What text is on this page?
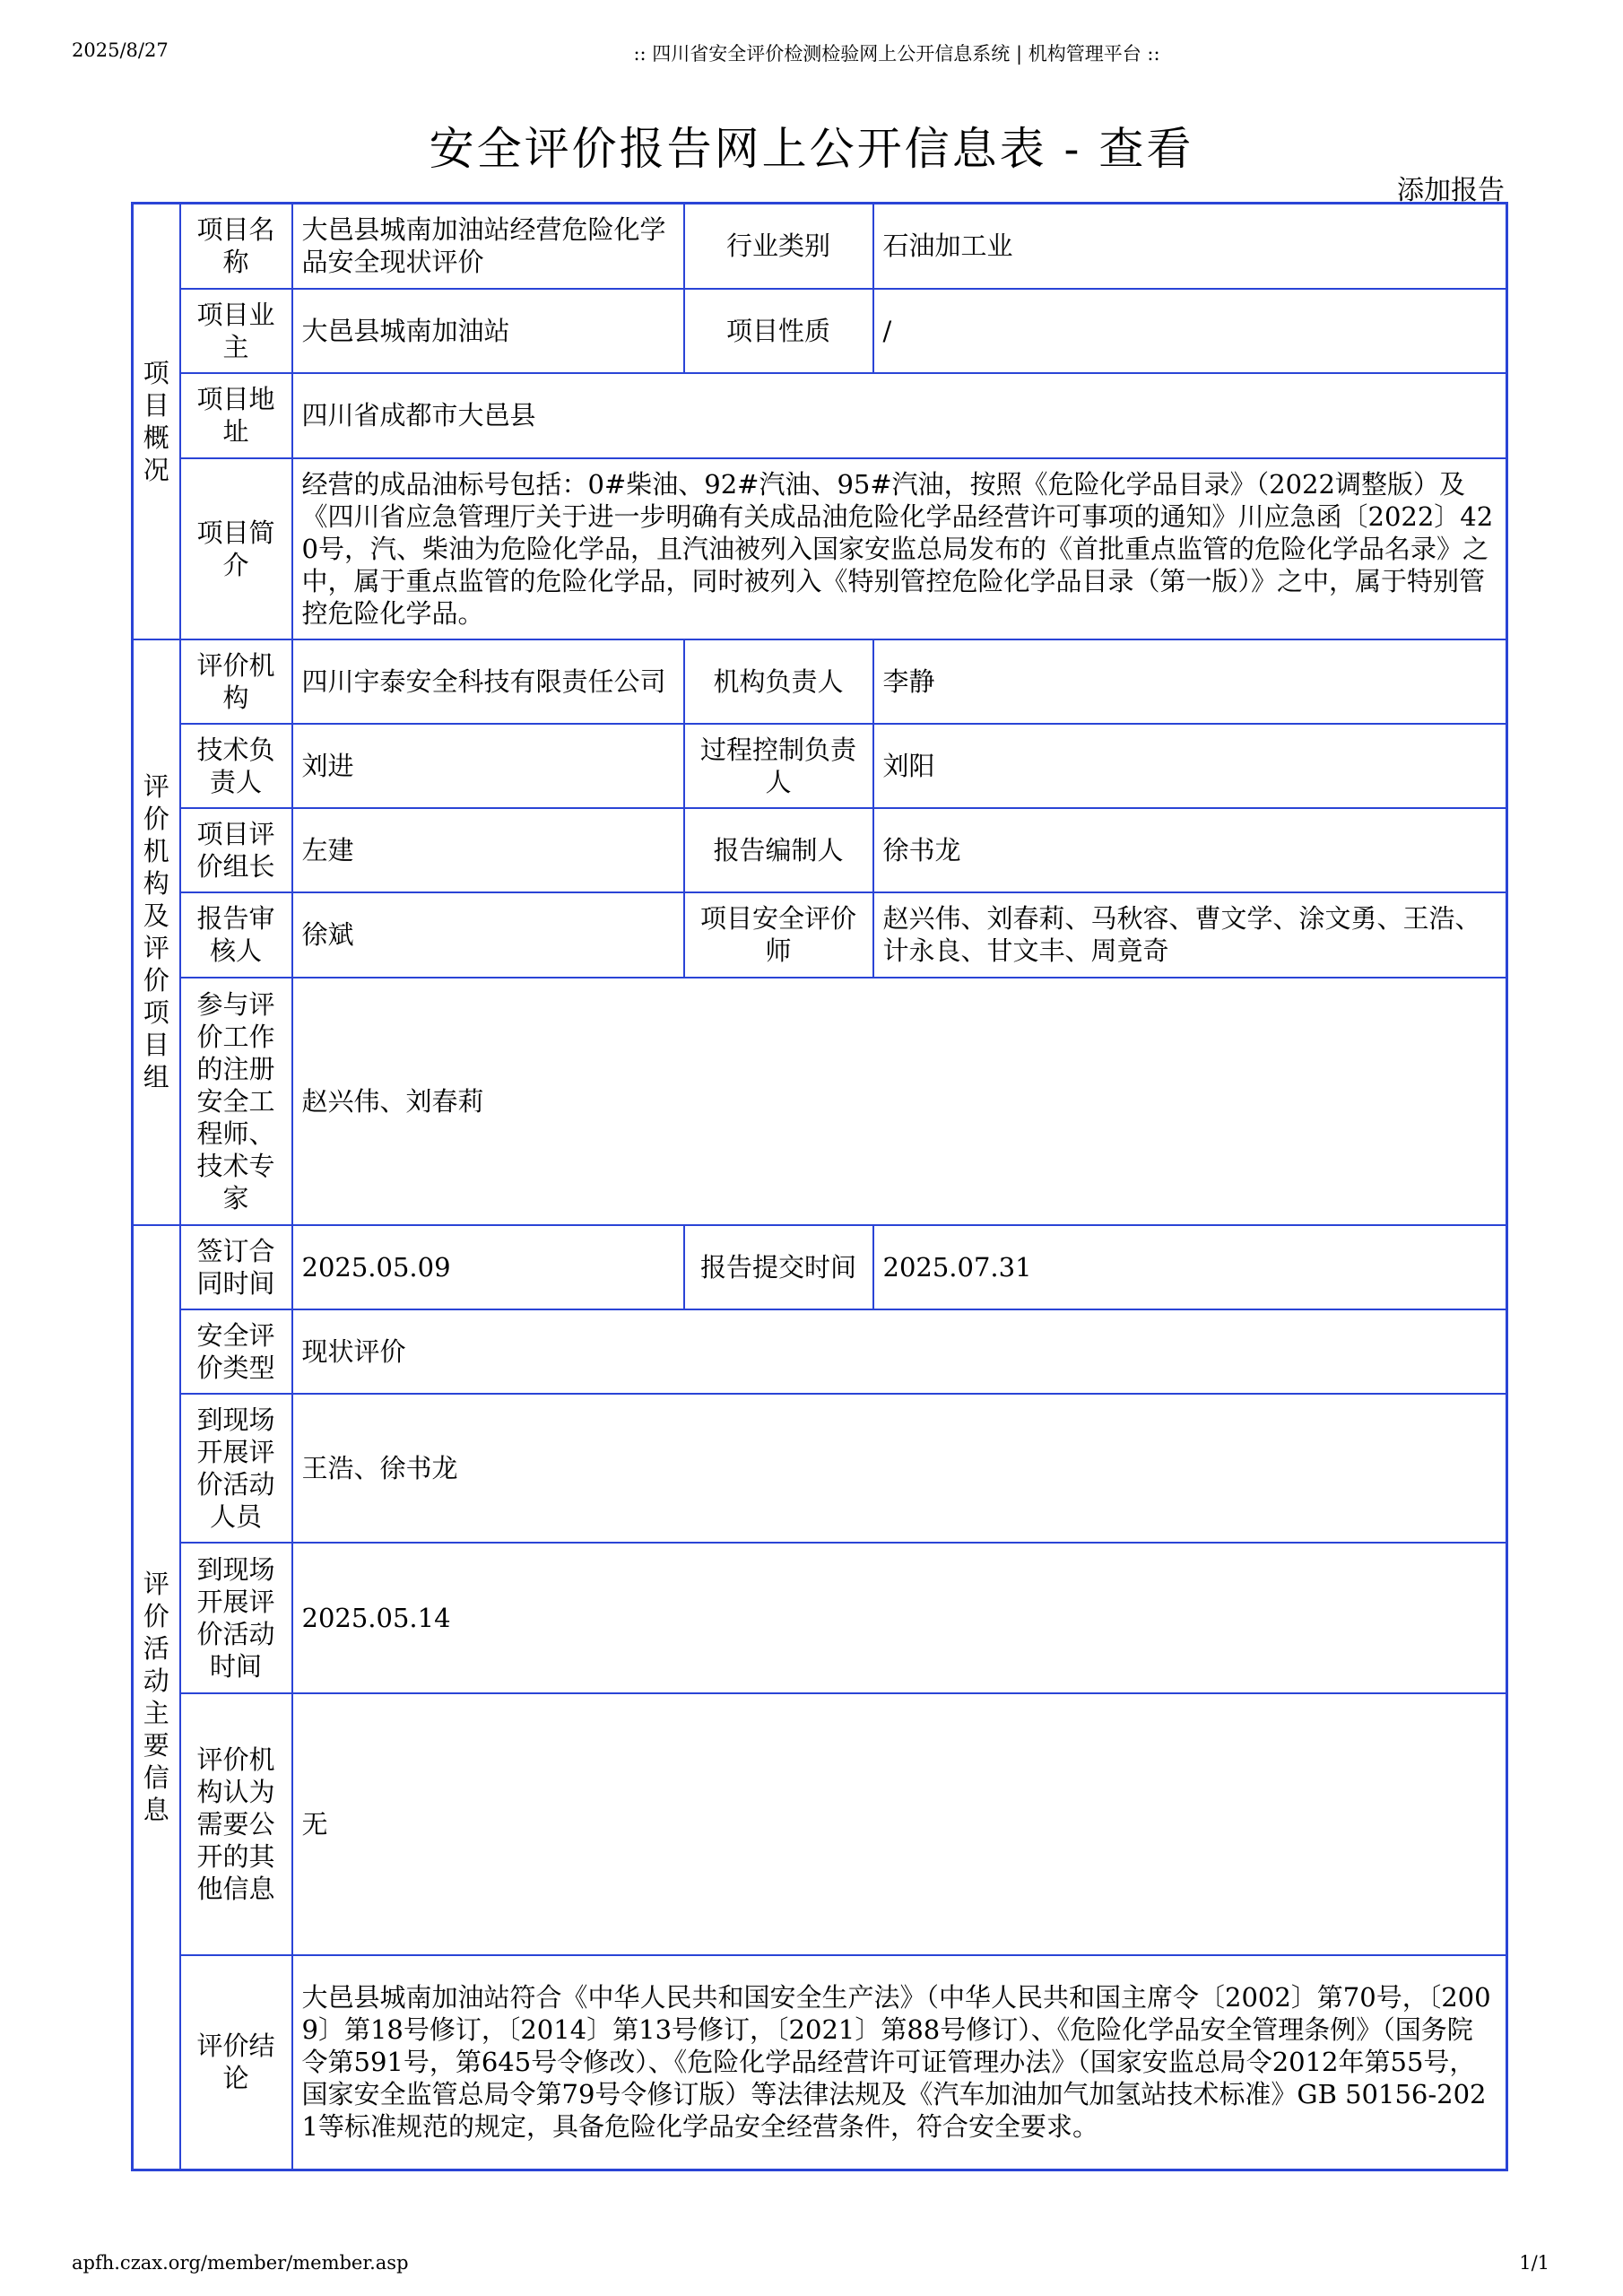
2025/8/27	:: 四川省安全评价检测检验网上公开信息系统 | 机构管理平台 ::
安全评价报告网上公开信息表 - 查看
添加报告
项目概况	项目名称	大邑县城南加油站经营危险化学品安全现状评价	行业类别	石油加工业
	项目业主	大邑县城南加油站	项目性质	/
	项目地址	四川省成都市大邑县		
	项目简介	经营的成品油标号包括：0#柴油、92#汽油、95#汽油，按照《危险化学品目录》（2022调整版）及《四川省应急管理厅关于进一步明确有关成品油危险化学品经营许可事项的通知》川应急函〔2022〕420号，汽、柴油为危险化学品，且汽油被列入国家安监总局发布的《首批重点监管的危险化学品名录》之中，属于重点监管的危险化学品，同时被列入《特别管控危险化学品目录（第一版）》之中，属于特别管控危险化学品。		
评价机构及评价项目组	评价机构	四川宇泰安全科技有限责任公司	机构负责人	李静
	技术负责人	刘进	过程控制负责人	刘阳
	项目评价组长	左建	报告编制人	徐书龙
	报告审核人	徐斌	项目安全评价师	赵兴伟、刘春莉、马秋容、曹文学、涂文勇、王浩、计永良、甘文丰、周竟奇
	参与评价工作的注册安全工程师、技术专家	赵兴伟、刘春莉		
评价活动主要信息	签订合同时间	2025.05.09	报告提交时间	2025.07.31
	安全评价类型	现状评价		
	到现场开展评价活动人员	王浩、徐书龙		
	到现场开展评价活动时间	2025.05.14		
	评价机构认为需要公开的其他信息	无		
	评价结论	大邑县城南加油站符合《中华人民共和国安全生产法》（中华人民共和国主席令〔2002〕第70号，〔2009〕第18号修订，〔2014〕第13号修订，〔2021〕第88号修订）、《危险化学品安全管理条例》（国务院令第591号，第645号令修改）、《危险化学品经营许可证管理办法》（国家安监总局令2012年第55号，国家安全监管总局令第79号令修订版）等法律法规及《汽车加油加气加氢站技术标准》GB 50156-2021等标准规范的规定，具备危险化学品安全经营条件，符合安全要求。		
apfh.czax.org/member/member.asp	1/1
